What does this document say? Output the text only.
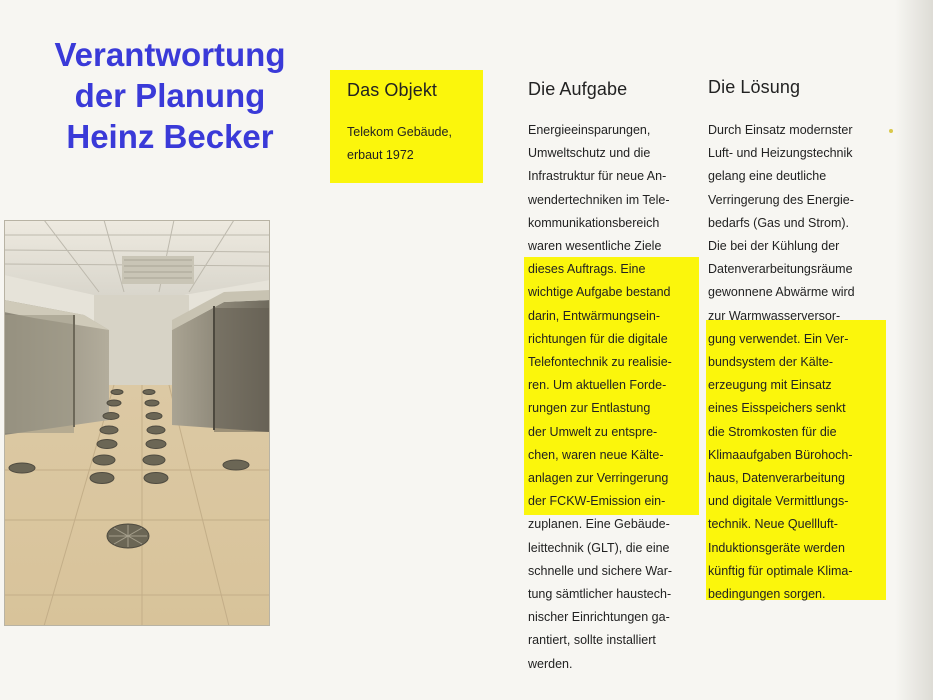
Verantwortung
der Planung
Heinz Becker
Das Objekt
Telekom Gebäude,
erbaut 1972
Die Aufgabe
Energieeinsparungen,
Umweltschutz und die
Infrastruktur für neue An-
wendertechniken im Tele-
kommunikationsbereich
waren wesentliche Ziele
dieses Auftrags. Eine
wichtige Aufgabe bestand
darin, Entwärmungsein-
richtungen für die digitale
Telefontechnik zu realisie-
ren. Um aktuellen Forde-
rungen zur Entlastung
der Umwelt zu entspre-
chen, waren neue Kälte-
anlagen zur Verringerung
der FCKW-Emission ein-
zuplanen. Eine Gebäude-
leittechnik (GLT), die eine
schnelle und sichere War-
tung sämtlicher haustech-
nischer Einrichtungen ga-
rantiert, sollte installiert
werden.
Die Lösung
Durch Einsatz modernster
Luft- und Heizungstechnik
gelang eine deutliche
Verringerung des Energie-
bedarfs (Gas und Strom).
Die bei der Kühlung der
Datenverarbeitungsräume
gewonnene Abwärme wird
zur Warmwasserversor-
gung verwendet. Ein Ver-
bundsystem der Kälte-
erzeugung mit Einsatz
eines Eisspeichers senkt
die Stromkosten für die
Klimaaufgaben Bürohoch-
haus, Datenverarbeitung
und digitale Vermittlungs-
technik. Neue Quellluft-
Induktionsgeräte werden
künftig für optimale Klima-
bedingungen sorgen.
